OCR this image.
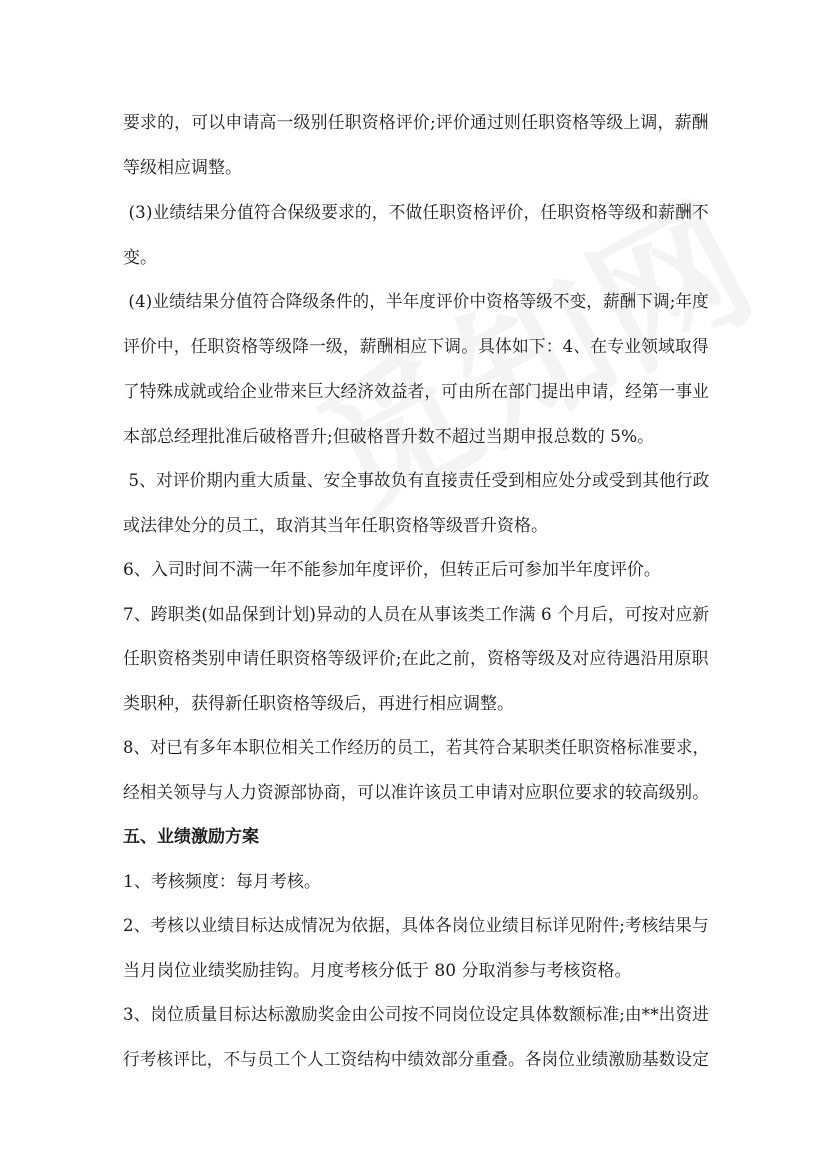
要求的，可以申请高一级别任职资格评价;评价通过则任职资格等级上调，薪酬
等级相应调整。
(3)业绩结果分值符合保级要求的，不做任职资格评价，任职资格等级和薪酬不
变。
(4)业绩结果分值符合降级条件的，半年度评价中资格等级不变，薪酬下调;年度
评价中，任职资格等级降一级，薪酬相应下调。具体如下：4、在专业领域取得
了特殊成就或给企业带来巨大经济效益者，可由所在部门提出申请，经第一事业
本部总经理批准后破格晋升;但破格晋升数不超过当期申报总数的 5%。
5、对评价期内重大质量、安全事故负有直接责任受到相应处分或受到其他行政
或法律处分的员工，取消其当年任职资格等级晋升资格。
6、入司时间不满一年不能参加年度评价，但转正后可参加半年度评价。
7、跨职类(如品保到计划)异动的人员在从事该类工作满 6 个月后，可按对应新
任职资格类别申请任职资格等级评价;在此之前，资格等级及对应待遇沿用原职
类职种，获得新任职资格等级后，再进行相应调整。
8、对已有多年本职位相关工作经历的员工，若其符合某职类任职资格标准要求，
经相关领导与人力资源部协商，可以准许该员工申请对应职位要求的较高级别。
五、业绩激励方案
1、考核频度：每月考核。
2、考核以业绩目标达成情况为依据，具体各岗位业绩目标详见附件;考核结果与
当月岗位业绩奖励挂钩。月度考核分低于 80 分取消参与考核资格。
3、岗位质量目标达标激励奖金由公司按不同岗位设定具体数额标准;由**出资进
行考核评比，不与员工个人工资结构中绩效部分重叠。各岗位业绩激励基数设定
